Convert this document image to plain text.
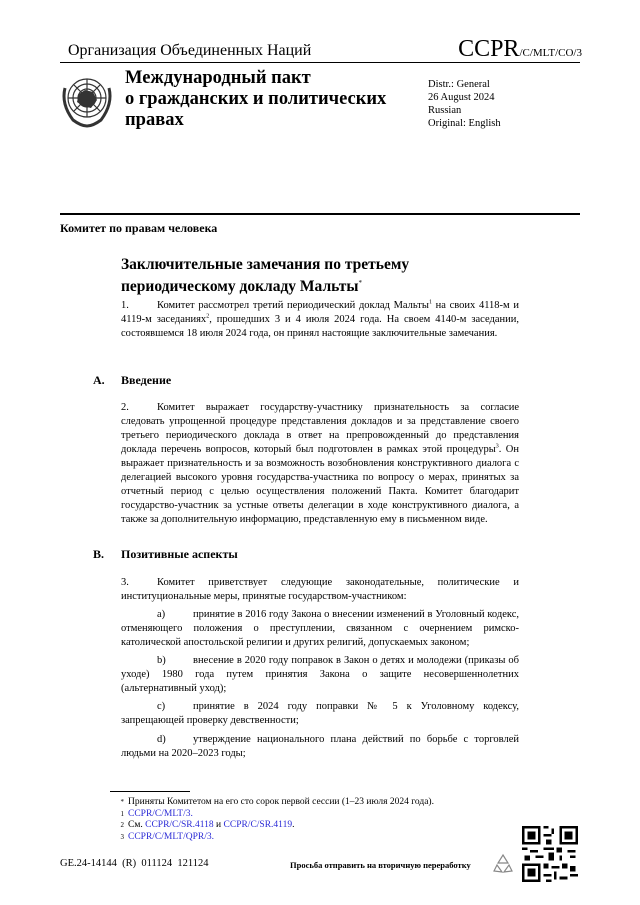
Организация Объединенных Наций	CCPR/C/MLT/CO/3
Международный пакт
о гражданских и политических
правах
Distr.: General
26 August 2024
Russian
Original: English
Комитет по правам человека
Заключительные замечания по третьему
периодическому докладу Мальты*
1.	Комитет рассмотрел третий периодический доклад Мальты$^1$ на своих 4118-м и 4119-м заседаниях$^2$, прошедших 3 и 4 июля 2024 года. На своем 4140-м заседании, состоявшемся 18 июля 2024 года, он принял настоящие заключительные замечания.
A. Введение
2.	Комитет выражает государству-участнику признательность за согласие следовать упрощенной процедуре представления докладов и за представление своего третьего периодического доклада в ответ на препровожденный до представления доклада перечень вопросов, который был подготовлен в рамках этой процедуры$^3$. Он выражает признательность и за возможность возобновления конструктивного диалога с делегацией высокого уровня государства-участника по вопросу о мерах, принятых за отчетный период с целью осуществления положений Пакта. Комитет благодарит государство-участник за устные ответы делегации в ходе конструктивного диалога, а также за дополнительную информацию, представленную ему в письменном виде.
B. Позитивные аспекты
3.	Комитет приветствует следующие законодательные, политические и институциональные меры, принятые государством-участником:
a)	принятие в 2016 году Закона о внесении изменений в Уголовный кодекс, отменяющего положения о преступлении, связанном с очернением римско-католической апостольской религии и других религий, допускаемых законом;
b)	внесение в 2020 году поправок в Закон о детях и молодежи (приказы об уходе) 1980 года путем принятия Закона о защите несовершеннолетних (альтернативный уход);
c)	принятие в 2024 году поправки № 5 к Уголовному кодексу, запрещающей проверку девственности;
d)	утверждение национального плана действий по борьбе с торговлей людьми на 2020–2023 годы;
* Приняты Комитетом на его сто сорок первой сессии (1–23 июля 2024 года).
1 CCPR/C/MLT/3.
2 См. CCPR/C/SR.4118 и CCPR/C/SR.4119.
3 CCPR/C/MLT/QPR/3.
GE.24-14144  (R)  011124  121124	Просьба отправить на вторичную переработку
